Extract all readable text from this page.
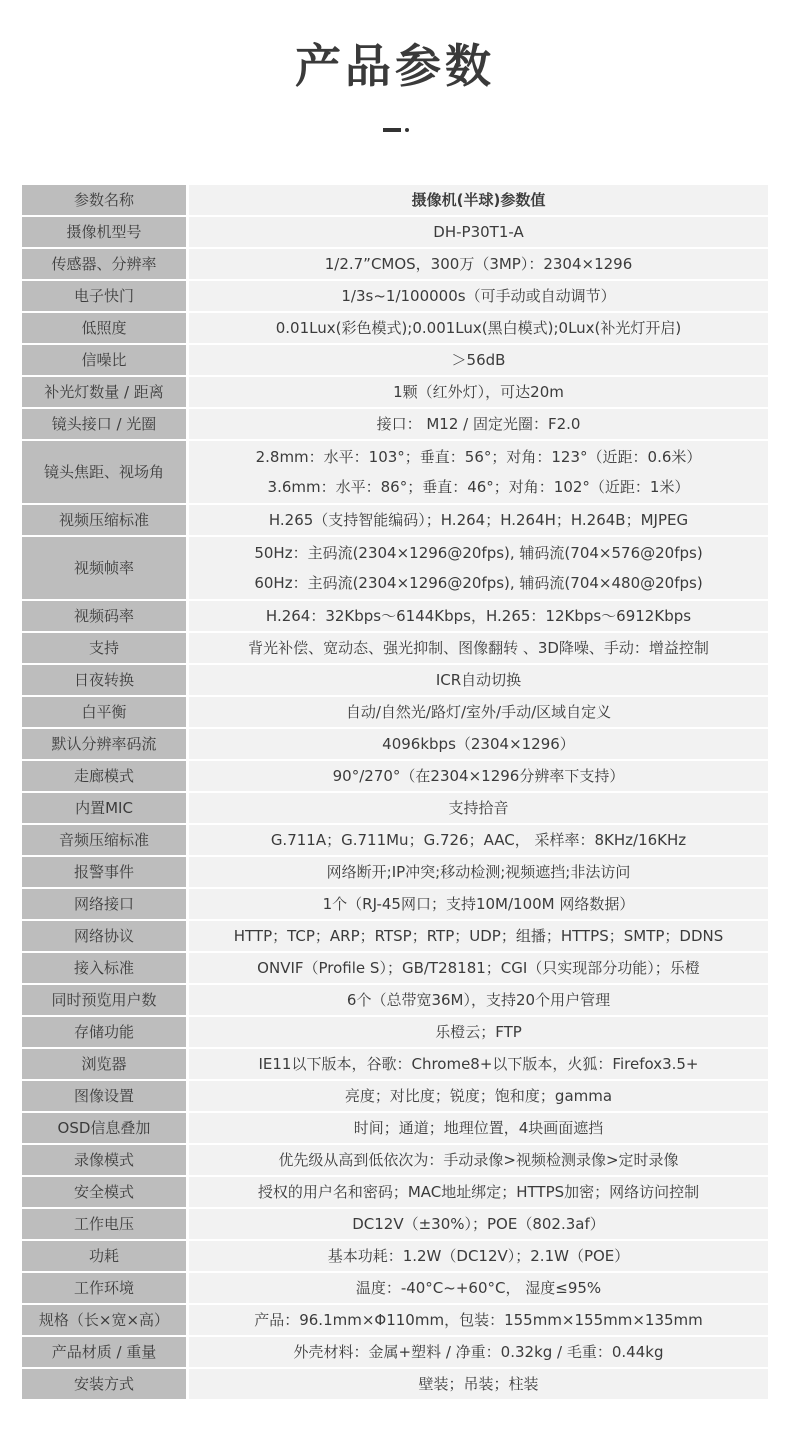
产品参数
参数名称	摄像机(半球)参数值
摄像机型号	DH-P30T1-A
传感器、分辨率	1/2.7”CMOS，300万（3MP）：2304×1296
电子快门	1/3s~1/100000s（可手动或自动调节）
低照度	0.01Lux(彩色模式);0.001Lux(黑白模式);0Lux(补光灯开启)
信噪比	＞56dB
补光灯数量 / 距离	1颗（红外灯），可达20m
镜头接口 / 光圈	接口： M12 / 固定光圈：F2.0
镜头焦距、视场角	2.8mm：水平：103°；垂直：56°；对角：123°（近距：0.6米）
3.6mm：水平：86°；垂直：46°；对角：102°（近距：1米）

视频压缩标准	H.265（支持智能编码）；H.264；H.264H；H.264B；MJPEG
视频帧率	50Hz：主码流(2304×1296@20fps), 辅码流(704×576@20fps)
60Hz：主码流(2304×1296@20fps), 辅码流(704×480@20fps)

视频码率	H.264：32Kbps～6144Kbps，H.265：12Kbps～6912Kbps
支持	背光补偿、宽动态、强光抑制、图像翻转 、3D降噪、手动：增益控制
日夜转换	ICR自动切换
白平衡	自动/自然光/路灯/室外/手动/区域自定义
默认分辨率码流	4096kbps（2304×1296）
走廊模式	90°/270°（在2304×1296分辨率下支持）
内置MIC	支持拾音
音频压缩标准	G.711A；G.711Mu；G.726；AAC， 采样率：8KHz/16KHz
报警事件	网络断开;IP冲突;移动检测;视频遮挡;非法访问
网络接口	1个（RJ-45网口；支持10M/100M 网络数据）
网络协议	HTTP；TCP；ARP；RTSP；RTP；UDP；组播；HTTPS；SMTP；DDNS
接入标准	ONVIF（Profile S）；GB/T28181；CGI（只实现部分功能）；乐橙
同时预览用户数	6个（总带宽36M），支持20个用户管理
存储功能	乐橙云；FTP
浏览器	IE11以下版本，谷歌：Chrome8+以下版本，火狐：Firefox3.5+
图像设置	亮度；对比度；锐度；饱和度；gamma
OSD信息叠加	时间；通道；地理位置，4块画面遮挡
录像模式	优先级从高到低依次为：手动录像>视频检测录像>定时录像
安全模式	授权的用户名和密码；MAC地址绑定；HTTPS加密；网络访问控制
工作电压	DC12V（±30%）；POE（802.3af）
功耗	基本功耗：1.2W（DC12V）；2.1W（POE）
工作环境	温度：-40°C~+60°C， 湿度≤95%
规格（长×宽×高）	产品：96.1mm×Φ110mm，包装：155mm×155mm×135mm
产品材质 / 重量	外壳材料：金属+塑料 / 净重：0.32kg / 毛重：0.44kg
安装方式	壁装；吊装；柱装
